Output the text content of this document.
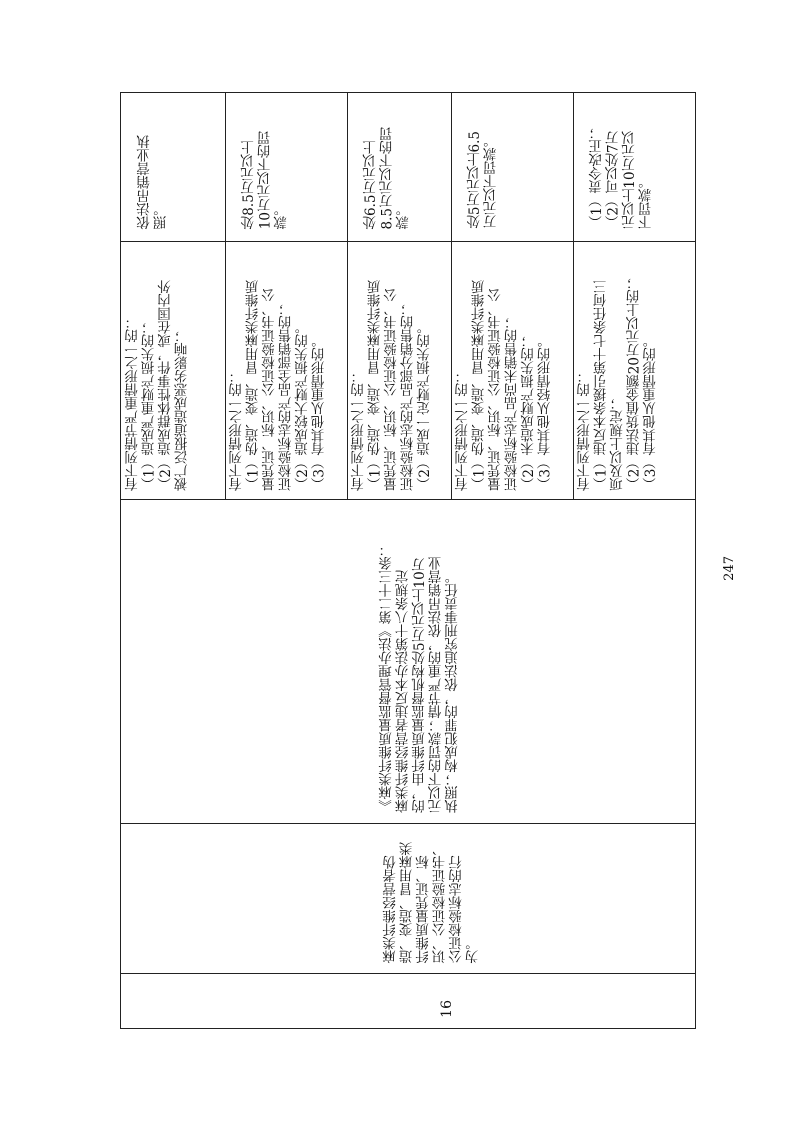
有下列情形之一的：
（1）违反本条援引第十七条任何三
项及以上规定；
（2）违法货值金额20万元以上的；
（3）有其他从重情形的。
（1）责令改正；
（2）可以处7万
元以上10万元以
下罚款。
有下列情形之一的：
（1）伪造、变造、冒用麻类纤维质
量凭证、标识、公证检验证书、公
证检验标志产品尚未销售的；
（2）未造成财产损失的；
（3）有其他从轻情形的。
处5万元以上6.5
万元以下罚款。
有下列情形之一的：
（1）伪造、变造、冒用麻类纤维质
量凭证、标识、公证检验证书、公
证检验标志的产品部分销售的；
（2）造成一定财产损失的。
处6.5万元以上
8.5万元以下的罚
款。
有下列情形之一的：
（1）伪造、变造、冒用麻类纤维质
量凭证、标识、公证检验证书、公
证检验标志的产品全部销售的；
（2）造成较大财产损失的。
（3）有其他从重情形的。
处8.5万元以上
10万元以下的罚
款。
有下列情节严重情形之一的：
（1）造成严重财产损失的；
（2）造成群体性事件，或在国内外
被广泛报道造成恶劣影响；
依法吊销营业执
照。
《麻类纤维质量监督管理办法》第二十三条：
麻类纤维经营者违反本办法第十八条规定
的，由纤维质量监督机构处5万元以上10万
元以下的罚款；情节严重的，依法吊销营业
执照；构成犯罪的，依法追究刑事责任。
麻类纤维经营者伪
造、变造、冒用麻类
纤维质量凭证、标
识、公证检验证书、
公证检验标志的行
为。
16
247
